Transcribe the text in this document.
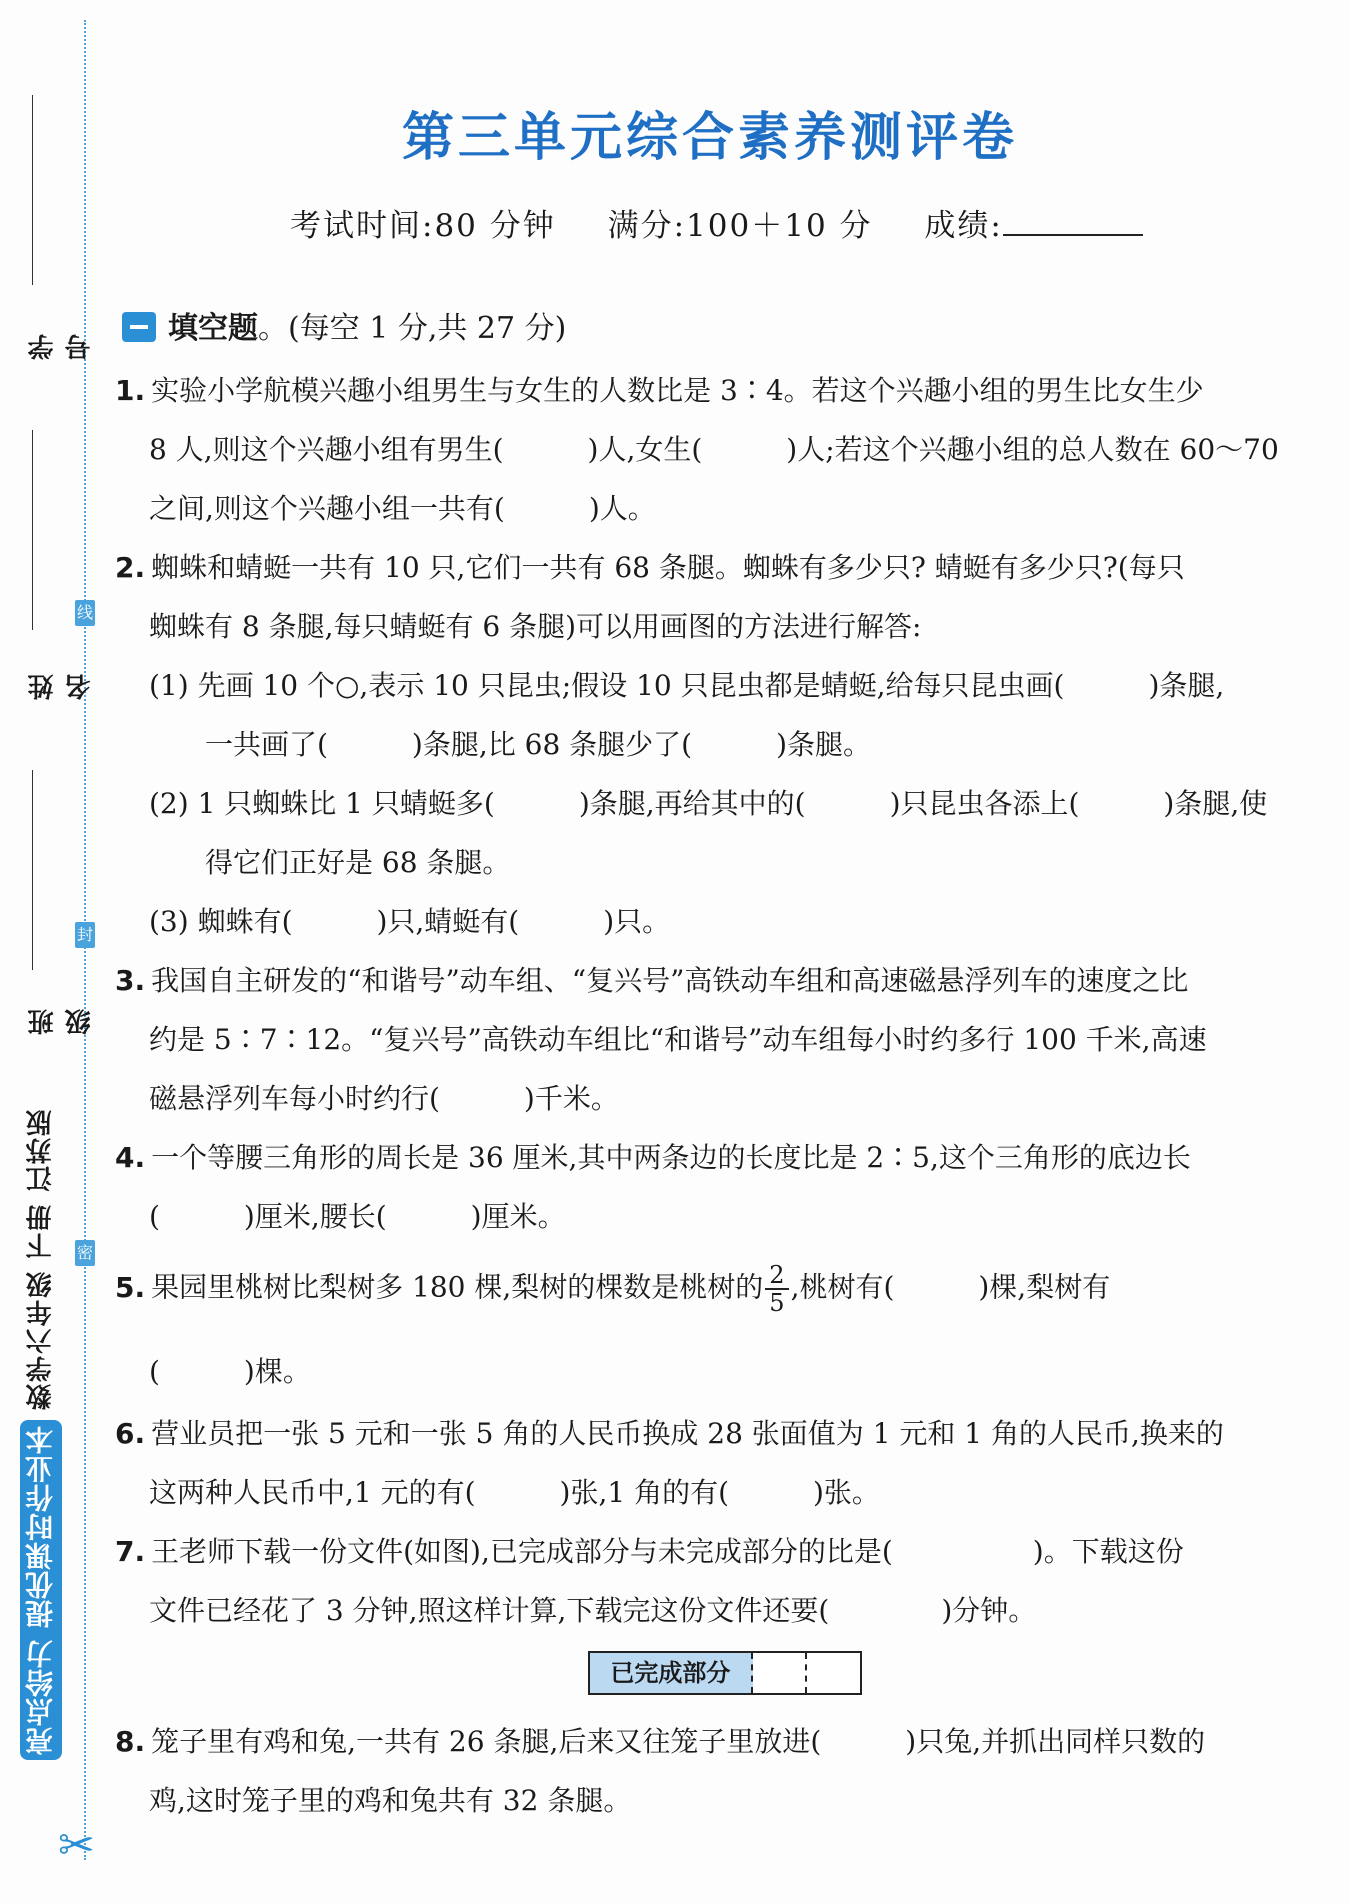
线
封
密
学号
姓名
班级
数学六年级 下册 江苏版
亮点给力 提优课时作业本
✂
第三单元综合素养测评卷
考试时间:80 分钟 满分:100＋10 分 成绩:
填空题。(每空 1 分,共 27 分)
1. 实验小学航模兴趣小组男生与女生的人数比是 3∶4。若这个兴趣小组的男生比女生少
8 人,则这个兴趣小组有男生(　　　)人,女生(　　　)人;若这个兴趣小组的总人数在 60～70
之间,则这个兴趣小组一共有(　　　)人。
2. 蜘蛛和蜻蜓一共有 10 只,它们一共有 68 条腿。蜘蛛有多少只? 蜻蜓有多少只?(每只
蜘蛛有 8 条腿,每只蜻蜓有 6 条腿)可以用画图的方法进行解答:
(1) 先画 10 个○,表示 10 只昆虫;假设 10 只昆虫都是蜻蜓,给每只昆虫画(　　　)条腿,
一共画了(　　　)条腿,比 68 条腿少了(　　　)条腿。
(2) 1 只蜘蛛比 1 只蜻蜓多(　　　)条腿,再给其中的(　　　)只昆虫各添上(　　　)条腿,使
得它们正好是 68 条腿。
(3) 蜘蛛有(　　　)只,蜻蜓有(　　　)只。
3. 我国自主研发的“和谐号”动车组、“复兴号”高铁动车组和高速磁悬浮列车的速度之比
约是 5∶7∶12。“复兴号”高铁动车组比“和谐号”动车组每小时约多行 100 千米,高速
磁悬浮列车每小时约行(　　　)千米。
4. 一个等腰三角形的周长是 36 厘米,其中两条边的长度比是 2∶5,这个三角形的底边长
(　　　)厘米,腰长(　　　)厘米。
5. 果园里桃树比梨树多 180 棵,梨树的棵数是桃树的 $\frac{2}{5}$ ,桃树有(　　　)棵,梨树有
(　　　)棵。
6. 营业员把一张 5 元和一张 5 角的人民币换成 28 张面值为 1 元和 1 角的人民币,换来的
这两种人民币中,1 元的有(　　　)张,1 角的有(　　　)张。
7. 王老师下载一份文件(如图),已完成部分与未完成部分的比是(　　　　　)。下载这份
文件已经花了 3 分钟,照这样计算,下载完这份文件还要(　　　　)分钟。
已完成部分
8. 笼子里有鸡和兔,一共有 26 条腿,后来又往笼子里放进(　　　)只兔,并抓出同样只数的
鸡,这时笼子里的鸡和兔共有 32 条腿。
